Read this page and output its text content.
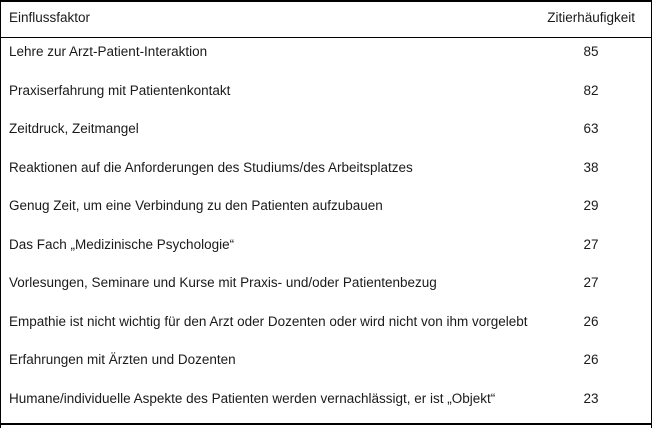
Einflussfaktor	Zitierhäufigkeit
Lehre zur Arzt-Patient-Interaktion	85
Praxiserfahrung mit Patientenkontakt	82
Zeitdruck, Zeitmangel	63
Reaktionen auf die Anforderungen des Studiums/des Arbeitsplatzes	38
Genug Zeit, um eine Verbindung zu den Patienten aufzubauen	29
Das Fach „Medizinische Psychologie“	27
Vorlesungen, Seminare und Kurse mit Praxis- und/oder Patientenbezug	27
Empathie ist nicht wichtig für den Arzt oder Dozenten oder wird nicht von ihm vorgelebt	26
Erfahrungen mit Ärzten und Dozenten	26
Humane/individuelle Aspekte des Patienten werden vernachlässigt, er ist „Objekt“	23
